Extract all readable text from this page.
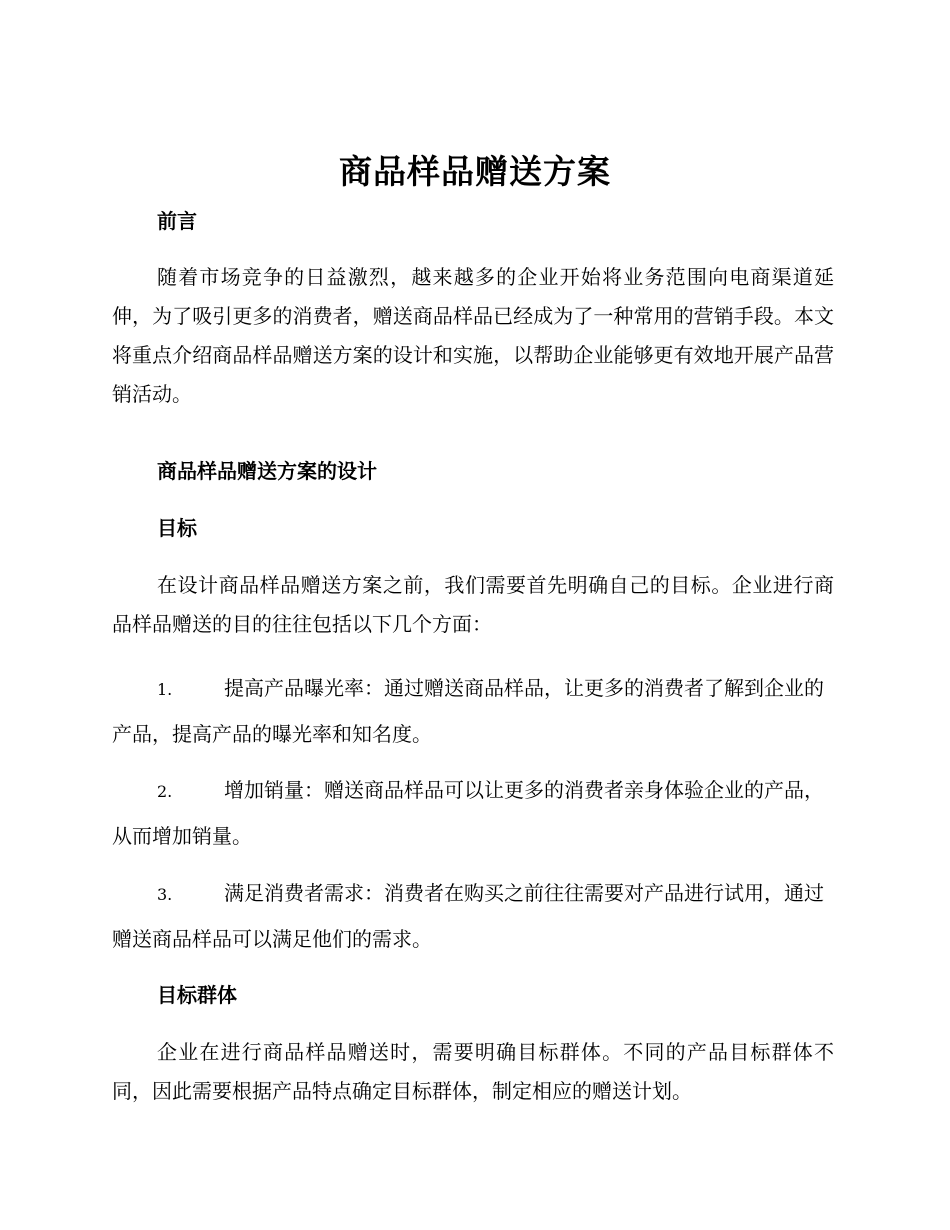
商品样品赠送方案
前言
随着市场竞争的日益激烈，越来越多的企业开始将业务范围向电商渠道延伸，为了吸引更多的消费者，赠送商品样品已经成为了一种常用的营销手段。本文将重点介绍商品样品赠送方案的设计和实施，以帮助企业能够更有效地开展产品营销活动。
商品样品赠送方案的设计
目标
在设计商品样品赠送方案之前，我们需要首先明确自己的目标。企业进行商品样品赠送的目的往往包括以下几个方面：
1.	提高产品曝光率：通过赠送商品样品，让更多的消费者了解到企业的产品，提高产品的曝光率和知名度。
2.	增加销量：赠送商品样品可以让更多的消费者亲身体验企业的产品，从而增加销量。
3.	满足消费者需求：消费者在购买之前往往需要对产品进行试用，通过赠送商品样品可以满足他们的需求。
目标群体
企业在进行商品样品赠送时，需要明确目标群体。不同的产品目标群体不同，因此需要根据产品特点确定目标群体，制定相应的赠送计划。
